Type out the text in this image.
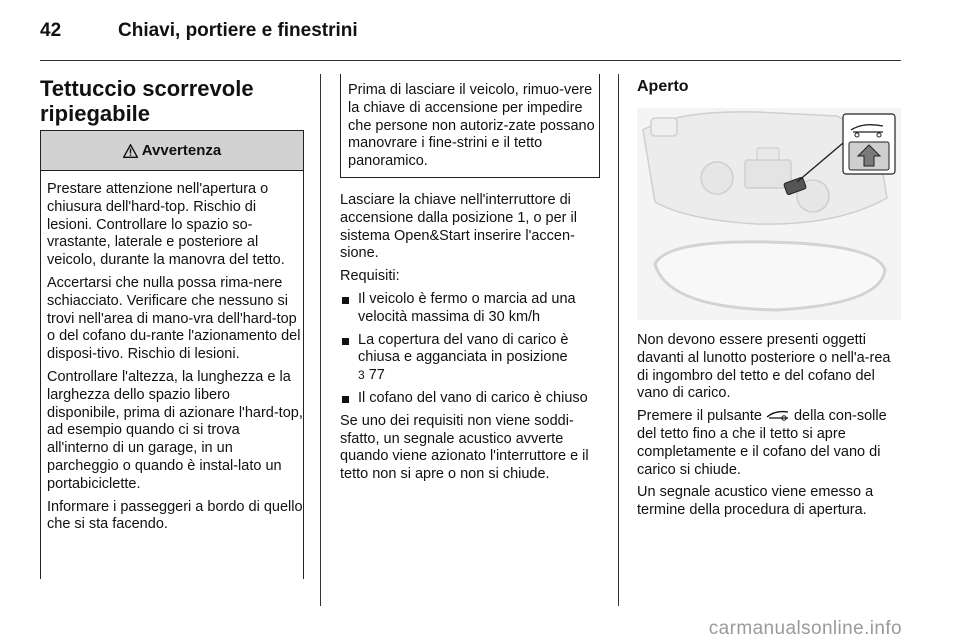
42	Chiavi, portiere e finestrini
Tettuccio scorrevole
ripiegabile
Avvertenza

Prestare attenzione nell'apertura o chiusura dell'hard-top. Rischio di lesioni. Controllare lo spazio so-vrastante, laterale e posteriore al veicolo, durante la manovra del tetto.

Accertarsi che nulla possa rima-nere schiacciato. Verificare che nessuno si trovi nell'area di mano-vra dell'hard-top o del cofano du-rante l'azionamento del disposi-tivo. Rischio di lesioni.

Controllare l'altezza, la lunghezza e la larghezza dello spazio libero disponibile, prima di azionare l'hard-top, ad esempio quando ci si trova all'interno di un garage, in un parcheggio o quando è instal-lato un portabiciclette.

Informare i passeggeri a bordo di quello che si sta facendo.

Prima di lasciare il veicolo, rimuo-vere la chiave di accensione per impedire che persone non autoriz-zate possano manovrare i fine-strini e il tetto panoramico.

Lasciare la chiave nell'interruttore di accensione dalla posizione 1, o per il sistema Open&Start inserire l'accen-sione.

Requisiti:

Il veicolo è fermo o marcia ad una velocità massima di 30 km/h
La copertura del vano di carico è chiusa e agganciata in posizione
3 77
Il cofano del vano di carico è chiuso

Se uno dei requisiti non viene soddi-sfatto, un segnale acustico avverte quando viene azionato l'interruttore e il tetto non si apre o non si chiude.

Aperto

Non devono essere presenti oggetti davanti al lunotto posteriore o nell'a-rea di ingombro del tetto e del cofano del vano di carico.

Premere il pulsante della con-solle del tetto fino a che il tetto si apre completamente e il cofano del vano di carico si chiude.

Un segnale acustico viene emesso a termine della procedura di apertura.

carmanualsonline.info
